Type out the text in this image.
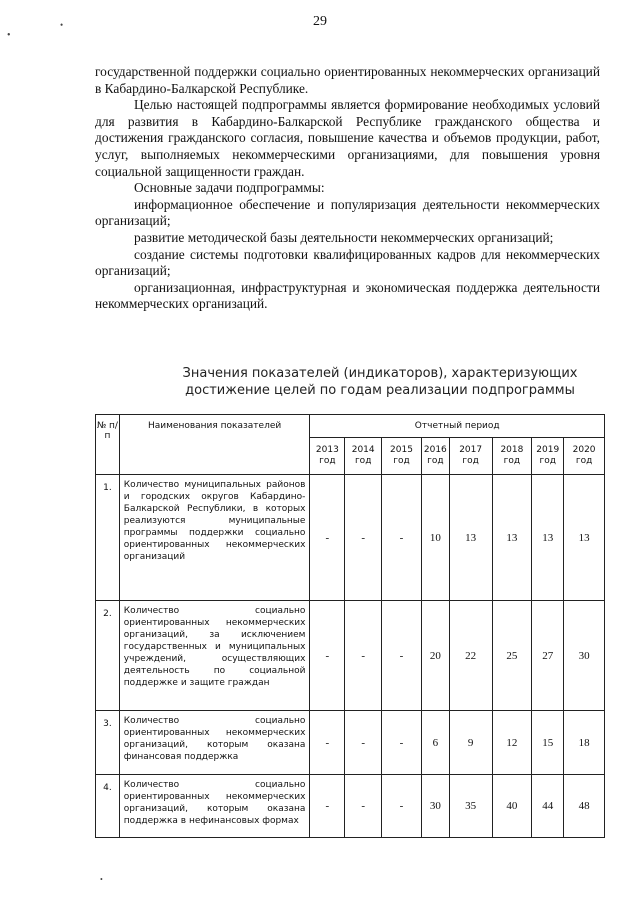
29
•
•
•

государственной поддержки социально ориентированных некоммерческих организаций в Кабардино-Балкарской Республике.

Целью настоящей подпрограммы является формирование необходимых условий для развития в Кабардино-Балкарской Республике гражданского общества и достижения гражданского согласия, повышение качества и объемов продукции, работ, услуг, выполняемых некоммерческими организациями, для повышения уровня социальной защищенности граждан.

Основные задачи подпрограммы:

информационное обеспечение и популяризация деятельности некоммерческих организаций;

развитие методической базы деятельности некоммерческих организаций;

создание системы подготовки квалифицированных кадров для некоммерческих организаций;

организационная, инфраструктурная и экономическая поддержка деятельности некоммерческих организаций.

Значения показателей (индикаторов), характеризующих
достижение целей по годам реализации подпрограммы
№ п/п	Наименования показателей	Отчетный период							
		2013 год	2014 год	2015 год	2016 год	2017 год	2018 год	2019 год	2020 год
1.	Количество муниципальных районов и городских округов Кабардино-Балкарской Республики, в которых реализуются муниципальные программы поддержки социально ориентированных некоммерческих организаций	-	-	-	10	13	13	13	13
2.	Количество социально ориентированных некоммерческих организаций, за исключением государственных и муниципальных учреждений, осуществляющих деятельность по социальной поддержке и защите граждан	-	-	-	20	22	25	27	30
3.	Количество социально ориентированных некоммерческих организаций, которым оказана финансовая поддержка	-	-	-	6	9	12	15	18
4.	Количество социально ориентированных некоммерческих организаций, которым оказана поддержка в нефинансовых формах	-	-	-	30	35	40	44	48
